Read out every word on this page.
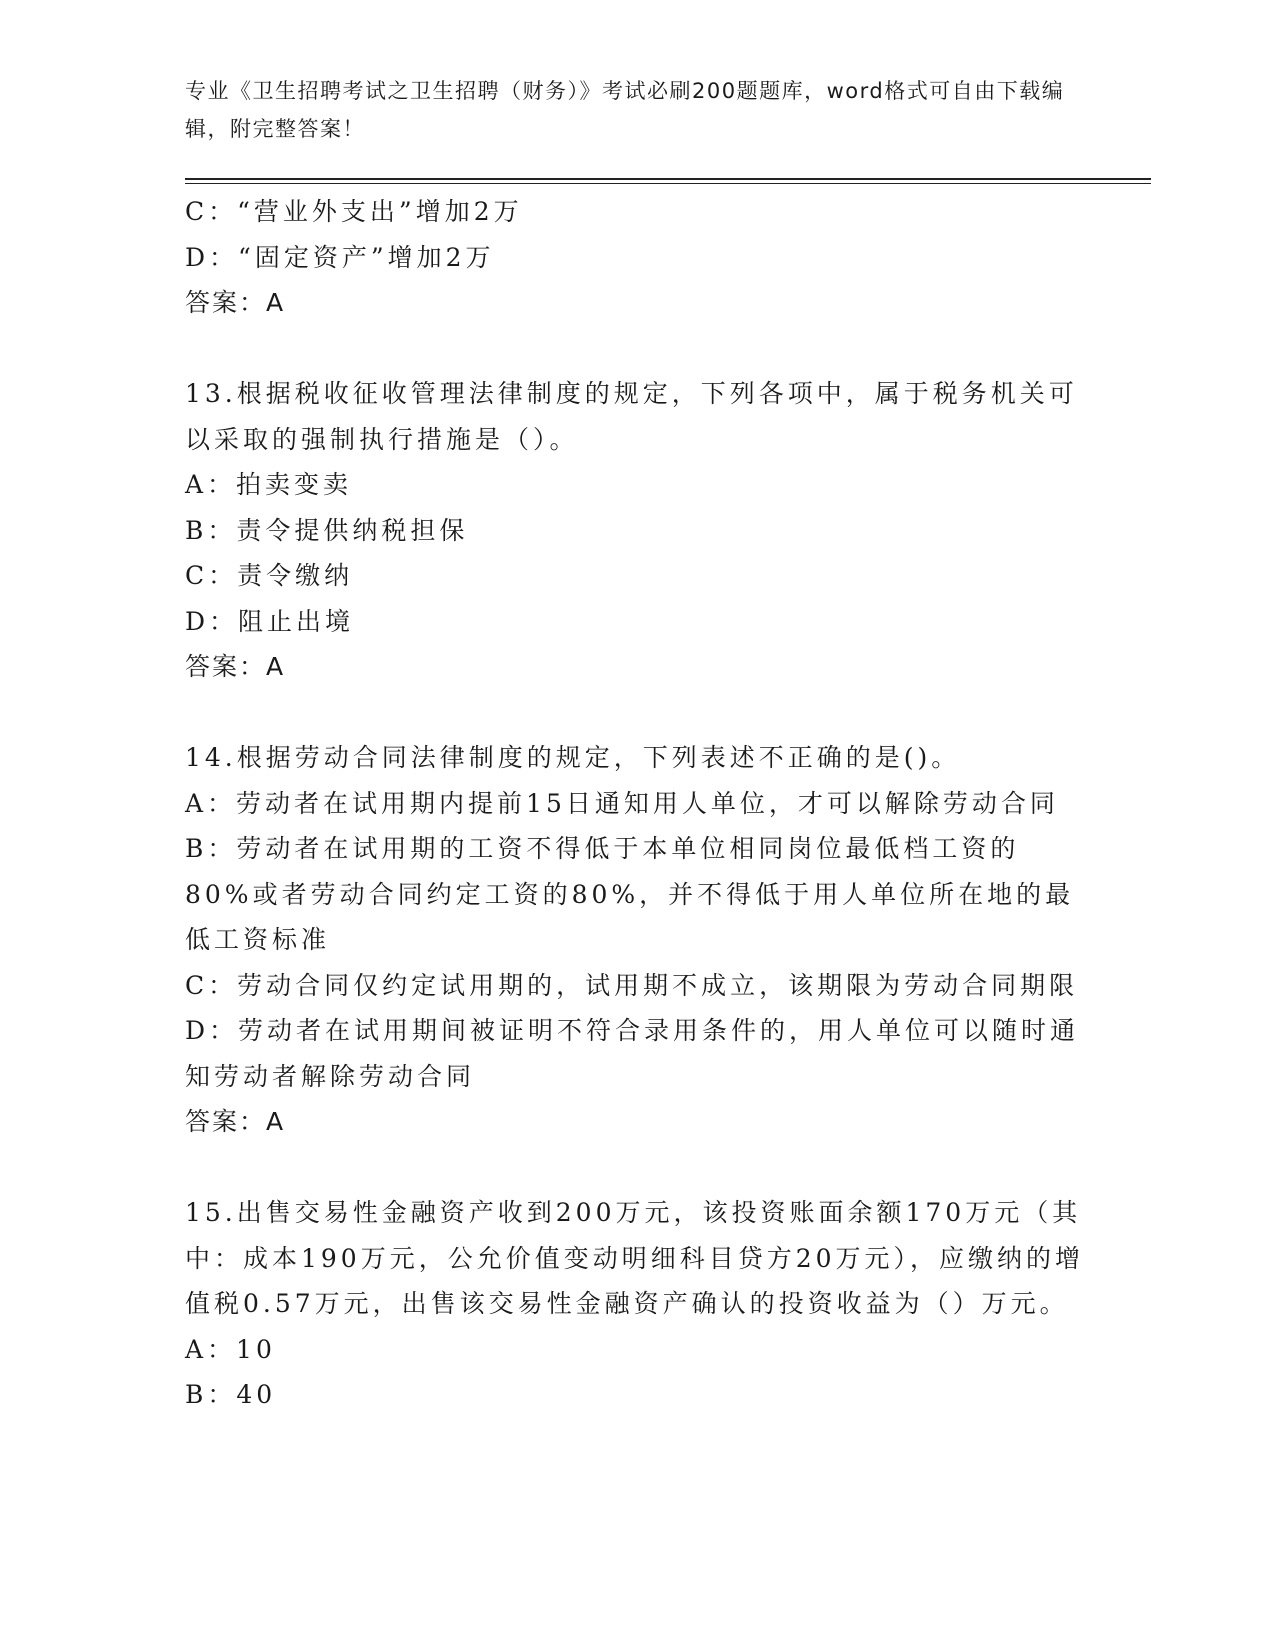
专业《卫生招聘考试之卫生招聘（财务）》考试必刷200题题库，word格式可自由下载编辑，附完整答案！

C：“营业外支出”增加2万

D：“固定资产”增加2万

答案：A

13.根据税收征收管理法律制度的规定，下列各项中，属于税务机关可以采取的强制执行措施是（）。

A：拍卖变卖

B：责令提供纳税担保

C：责令缴纳

D：阻止出境

答案：A

14.根据劳动合同法律制度的规定，下列表述不正确的是()。

A：劳动者在试用期内提前15日通知用人单位，才可以解除劳动合同

B：劳动者在试用期的工资不得低于本单位相同岗位最低档工资的80%或者劳动合同约定工资的80%，并不得低于用人单位所在地的最低工资标准

C：劳动合同仅约定试用期的，试用期不成立，该期限为劳动合同期限

D：劳动者在试用期间被证明不符合录用条件的，用人单位可以随时通知劳动者解除劳动合同

答案：A

15.出售交易性金融资产收到200万元，该投资账面余额170万元（其中：成本190万元，公允价值变动明细科目贷方20万元），应缴纳的增值税0.57万元，出售该交易性金融资产确认的投资收益为（）万元。

A：10

B：40
